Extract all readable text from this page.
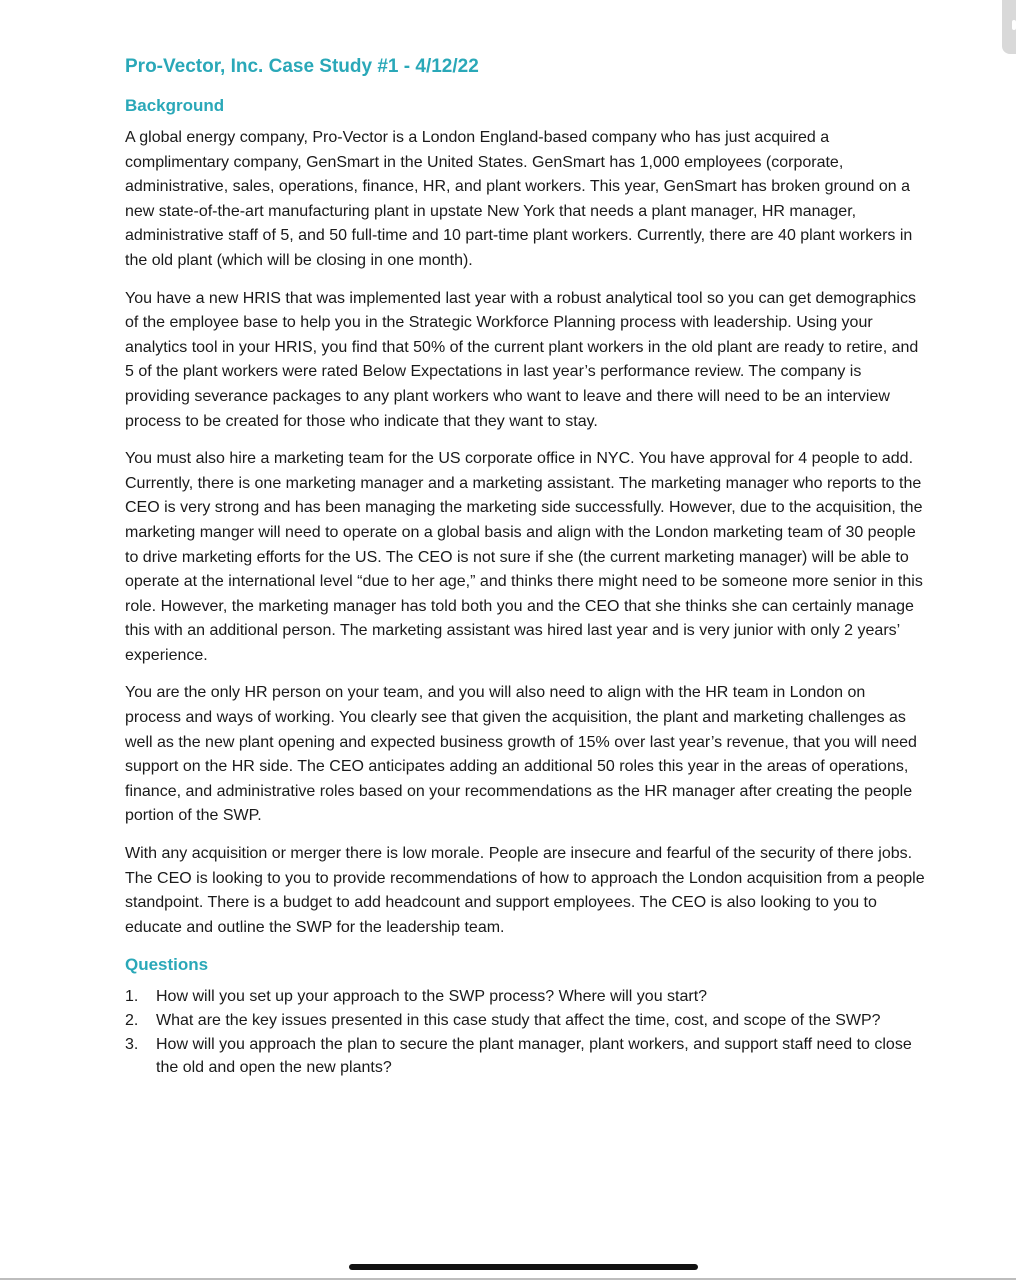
Pro-Vector, Inc. Case Study #1 - 4/12/22
Background

A global energy company, Pro-Vector is a London England-based company who has just acquired a complimentary company, GenSmart in the United States. GenSmart has 1,000 employees (corporate, administrative, sales, operations, finance, HR, and plant workers. This year, GenSmart has broken ground on a new state-of-the-art manufacturing plant in upstate New York that needs a plant manager, HR manager, administrative staff of 5, and 50 full-time and 10 part-time plant workers. Currently, there are 40 plant workers in the old plant (which will be closing in one month).

You have a new HRIS that was implemented last year with a robust analytical tool so you can get demographics of the employee base to help you in the Strategic Workforce Planning process with leadership. Using your analytics tool in your HRIS, you find that 50% of the current plant workers in the old plant are ready to retire, and 5 of the plant workers were rated Below Expectations in last year’s performance review. The company is providing severance packages to any plant workers who want to leave and there will need to be an interview process to be created for those who indicate that they want to stay.

You must also hire a marketing team for the US corporate office in NYC. You have approval for 4 people to add. Currently, there is one marketing manager and a marketing assistant. The marketing manager who reports to the CEO is very strong and has been managing the marketing side successfully. However, due to the acquisition, the marketing manger will need to operate on a global basis and align with the London marketing team of 30 people to drive marketing efforts for the US. The CEO is not sure if she (the current marketing manager) will be able to operate at the international level “due to her age,” and thinks there might need to be someone more senior in this role. However, the marketing manager has told both you and the CEO that she thinks she can certainly manage this with an additional person. The marketing assistant was hired last year and is very junior with only 2 years’ experience.

You are the only HR person on your team, and you will also need to align with the HR team in London on process and ways of working. You clearly see that given the acquisition, the plant and marketing challenges as well as the new plant opening and expected business growth of 15% over last year’s revenue, that you will need support on the HR side. The CEO anticipates adding an additional 50 roles this year in the areas of operations, finance, and administrative roles based on your recommendations as the HR manager after creating the people portion of the SWP.

With any acquisition or merger there is low morale. People are insecure and fearful of the security of there jobs. The CEO is looking to you to provide recommendations of how to approach the London acquisition from a people standpoint. There is a budget to add headcount and support employees. The CEO is also looking to you to educate and outline the SWP for the leadership team.

Questions
1.	How will you set up your approach to the SWP process? Where will you start?
2.	What are the key issues presented in this case study that affect the time, cost, and scope of the SWP?
3.	How will you approach the plan to secure the plant manager, plant workers, and support staff need to close the old and open the new plants?
